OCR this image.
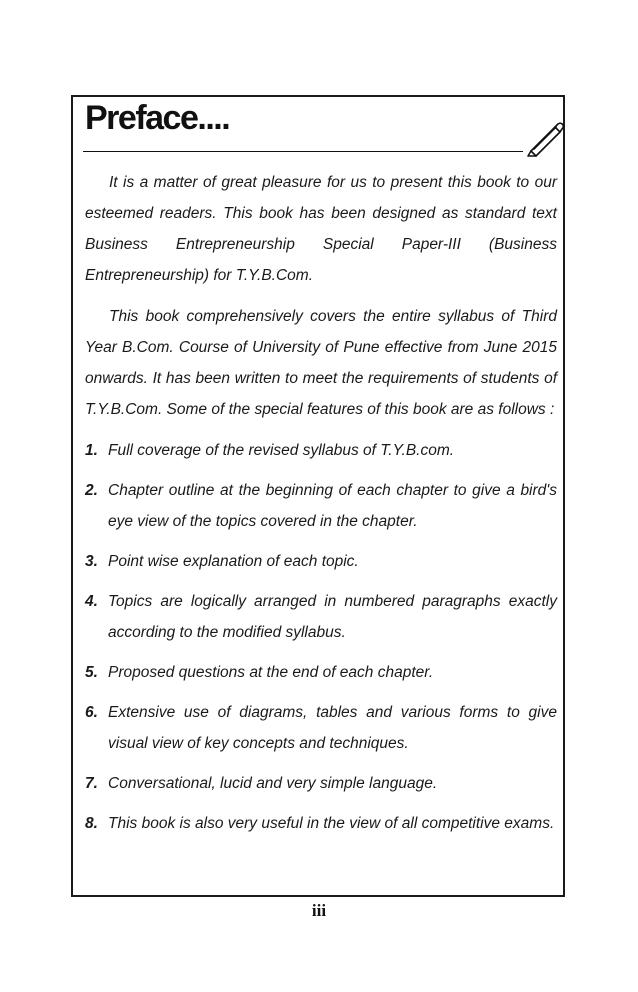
Preface....

It is a matter of great pleasure for us to present this book to our esteemed readers. This book has been designed as standard text Business Entrepreneurship Special Paper-III (Business Entrepreneurship) for T.Y.B.Com.

This book comprehensively covers the entire syllabus of Third Year B.Com. Course of University of Pune effective from June 2015 onwards. It has been written to meet the requirements of students of T.Y.B.Com. Some of the special features of this book are as follows :

1. Full coverage of the revised syllabus of T.Y.B.com.
2. Chapter outline at the beginning of each chapter to give a bird's eye view of the topics covered in the chapter.
3. Point wise explanation of each topic.
4. Topics are logically arranged in numbered paragraphs exactly according to the modified syllabus.
5. Proposed questions at the end of each chapter.
6. Extensive use of diagrams, tables and various forms to give visual view of key concepts and techniques.
7. Conversational, lucid and very simple language.
8. This book is also very useful in the view of all competitive exams.
iii
